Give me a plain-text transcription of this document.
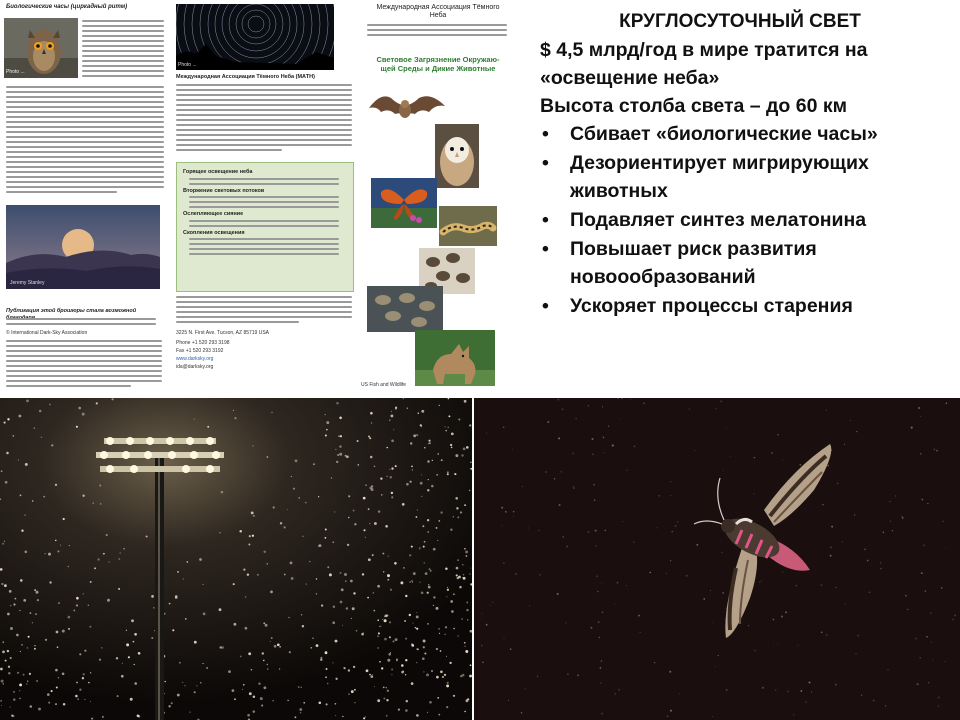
Биологические часы (циркадный ритм)
Photo ...
Jeremy Stanley
Публикация этой брошюры стала возможной
© International Dark-Sky Association
Photo ...
Международная Ассоциация Тёмного Неба (МАТН)
Горящее освещение неба
Вторжение световых потоков
Ослепляющее сияние
Скопления освещения
3225 N. First Ave. Tucson, AZ 85719 USA
Phone +1 520 293 3198
Fax +1 520 293 3192
www.darksky.org
ida@darksky.org
Международная Ассоциация Тёмного
Неба
Световое Загрязнение Окружаю-
щей Среды и Дикие Животные
US Fish and Wildlife
КРУГЛОСУТОЧНЫЙ СВЕТ
$ 4,5 млрд/год в мире тратится на
«освещение неба»
Высота столба света – до 60 км
• Сбивает «биологические часы»
• Дезориентирует мигрирующих
животных
• Подавляет синтез мелатонина
• Повышает риск развития
новоообразований
• Ускоряет процессы старения
